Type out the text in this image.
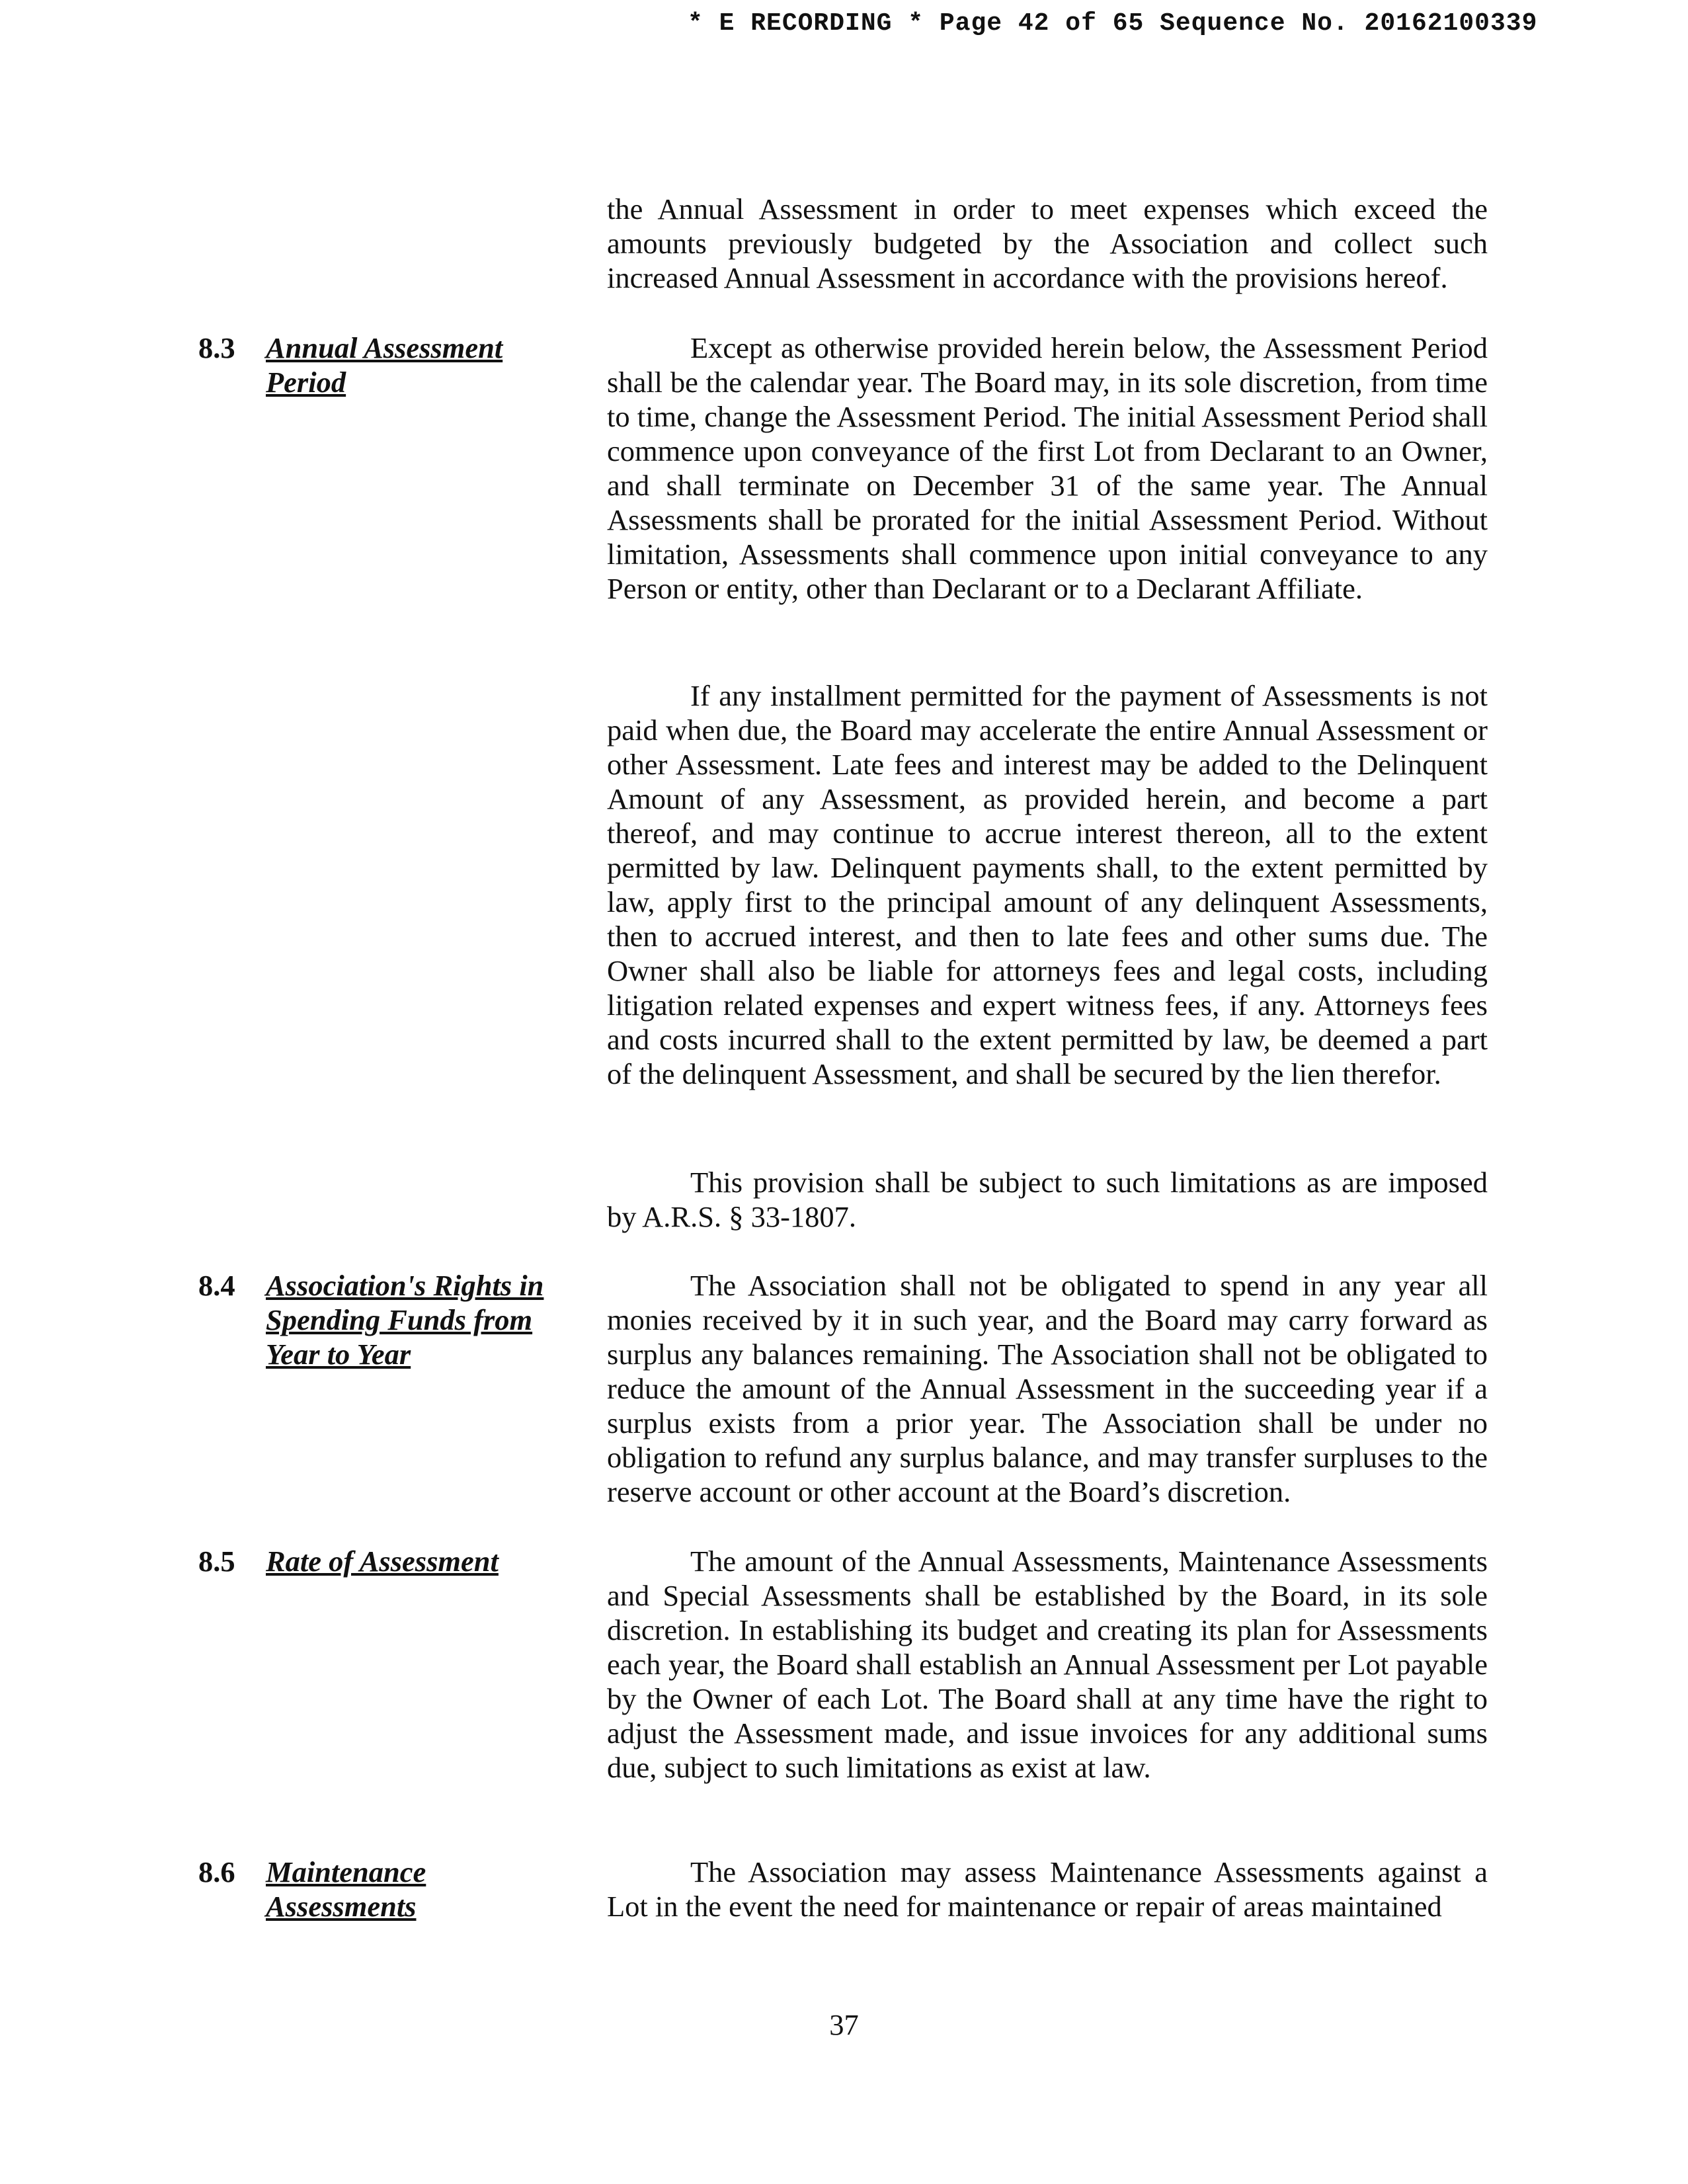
* E RECORDING * Page 42 of 65 Sequence No. 20162100339
the Annual Assessment in order to meet expenses which exceed the amounts previously budgeted by the Association and collect such increased Annual Assessment in accordance with the provisions hereof.
8.3 Annual Assessment Period
Except as otherwise provided herein below, the Assessment Period shall be the calendar year. The Board may, in its sole discretion, from time to time, change the Assessment Period. The initial Assessment Period shall commence upon conveyance of the first Lot from Declarant to an Owner, and shall terminate on December 31 of the same year. The Annual Assessments shall be prorated for the initial Assessment Period. Without limitation, Assessments shall commence upon initial conveyance to any Person or entity, other than Declarant or to a Declarant Affiliate.
If any installment permitted for the payment of Assessments is not paid when due, the Board may accelerate the entire Annual Assessment or other Assessment. Late fees and interest may be added to the Delinquent Amount of any Assessment, as provided herein, and become a part thereof, and may continue to accrue interest thereon, all to the extent permitted by law. Delinquent payments shall, to the extent permitted by law, apply first to the principal amount of any delinquent Assessments, then to accrued interest, and then to late fees and other sums due. The Owner shall also be liable for attorneys fees and legal costs, including litigation related expenses and expert witness fees, if any. Attorneys fees and costs incurred shall to the extent permitted by law, be deemed a part of the delinquent Assessment, and shall be secured by the lien therefor.
This provision shall be subject to such limitations as are imposed by A.R.S. § 33-1807.
8.4 Association's Rights in Spending Funds from Year to Year
The Association shall not be obligated to spend in any year all monies received by it in such year, and the Board may carry forward as surplus any balances remaining. The Association shall not be obligated to reduce the amount of the Annual Assessment in the succeeding year if a surplus exists from a prior year. The Association shall be under no obligation to refund any surplus balance, and may transfer surpluses to the reserve account or other account at the Board’s discretion.
8.5 Rate of Assessment	The amount of the Annual Assessments, Maintenance Assessments and Special Assessments shall be established by the Board, in its sole discretion. In establishing its budget and creating its plan for Assessments each year, the Board shall establish an Annual Assessment per Lot payable by the Owner of each Lot. The Board shall at any time have the right to adjust the Assessment made, and issue invoices for any additional sums due, subject to such limitations as exist at law.
8.6 Maintenance Assessments
The Association may assess Maintenance Assessments against a Lot in the event the need for maintenance or repair of areas maintained
37
